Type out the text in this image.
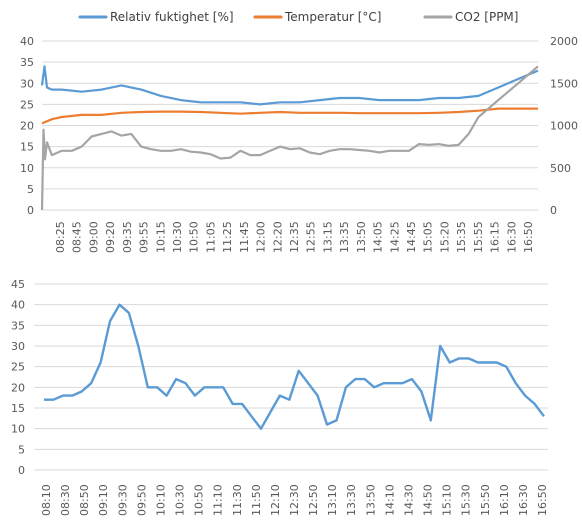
0
5
10
15
20
25
30
35
40
0
500
1000
1500
2000
Relativ fuktighet [%]	Temperatur [°C]	CO2 [PPM]
08:25 08:45 09:00 09:20 09:35 09:55 10:15 10:30 10:50 11:05 11:25 11:45 12:00 12:20 12:35 12:55 13:15 13:35 13:50 14:05 14:25 14:45 15:05 15:20 15:35 15:55 16:15 16:30 16:50
0
5
10
15
20
25
30
35
40
45
08:10 08:30 08:50 09:10 09:30 09:50 10:10 10:30 10:50 11:10 11:30 11:50 12:10 12:30 12:50 13:10 13:30 13:50 14:10 14:30 14:50 15:10 15:30 15:50 16:10 16:30 16:50
